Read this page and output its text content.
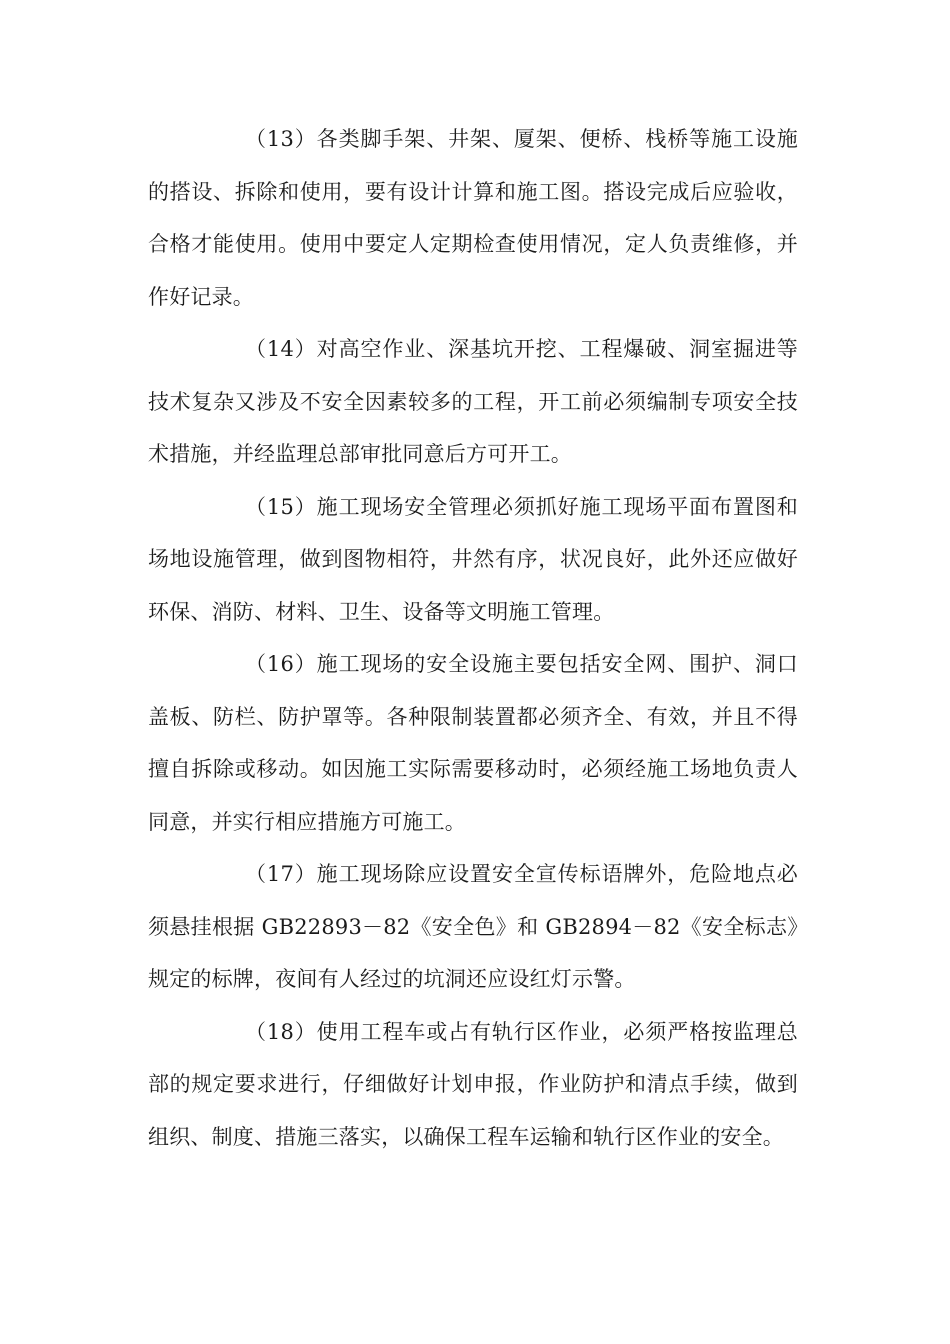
（13）各类脚手架、井架、厦架、便桥、栈桥等施工设施的搭设、拆除和使用，要有设计计算和施工图。搭设完成后应验收，合格才能使用。使用中要定人定期检查使用情况，定人负责维修，并作好记录。

（14）对高空作业、深基坑开挖、工程爆破、洞室掘进等技术复杂又涉及不安全因素较多的工程，开工前必须编制专项安全技术措施，并经监理总部审批同意后方可开工。

（15）施工现场安全管理必须抓好施工现场平面布置图和场地设施管理，做到图物相符，井然有序，状况良好，此外还应做好环保、消防、材料、卫生、设备等文明施工管理。

（16）施工现场的安全设施主要包括安全网、围护、洞口盖板、防栏、防护罩等。各种限制装置都必须齐全、有效，并且不得擅自拆除或移动。如因施工实际需要移动时，必须经施工场地负责人同意，并实行相应措施方可施工。

（17）施工现场除应设置安全宣传标语牌外，危险地点必须悬挂根据 GB22893－82《安全色》和 GB2894－82《安全标志》规定的标牌，夜间有人经过的坑洞还应设红灯示警。

（18）使用工程车或占有轨行区作业，必须严格按监理总部的规定要求进行，仔细做好计划申报，作业防护和清点手续，做到组织、制度、措施三落实，以确保工程车运输和轨行区作业的安全。
